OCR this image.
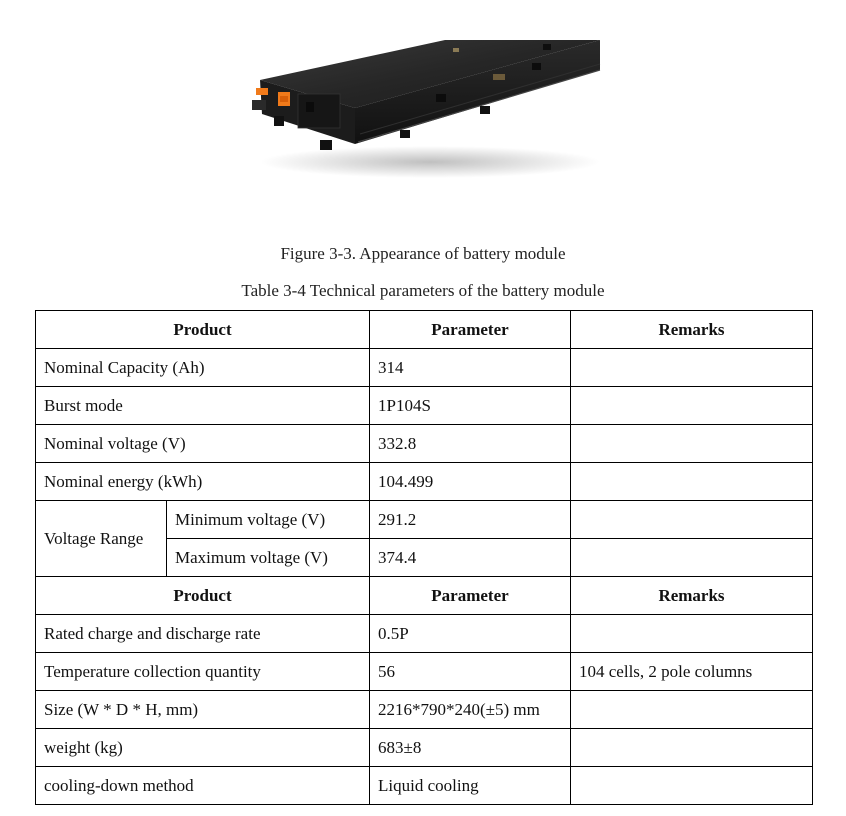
Figure 3-3. Appearance of battery module
Table 3-4 Technical parameters of the battery module
Product		Parameter	Remarks
Nominal Capacity (Ah)		314	
Burst mode		1P104S	
Nominal voltage (V)		332.8	
Nominal energy (kWh)		104.499	
Voltage Range	Minimum voltage (V)	291.2	
	Maximum voltage (V)	374.4	
Product		Parameter	Remarks
Rated charge and discharge rate		0.5P	
Temperature collection quantity		56	104 cells, 2 pole columns
Size (W * D * H, mm)		2216*790*240(±5) mm	
weight (kg)		683±8	
cooling-down method		Liquid cooling	
